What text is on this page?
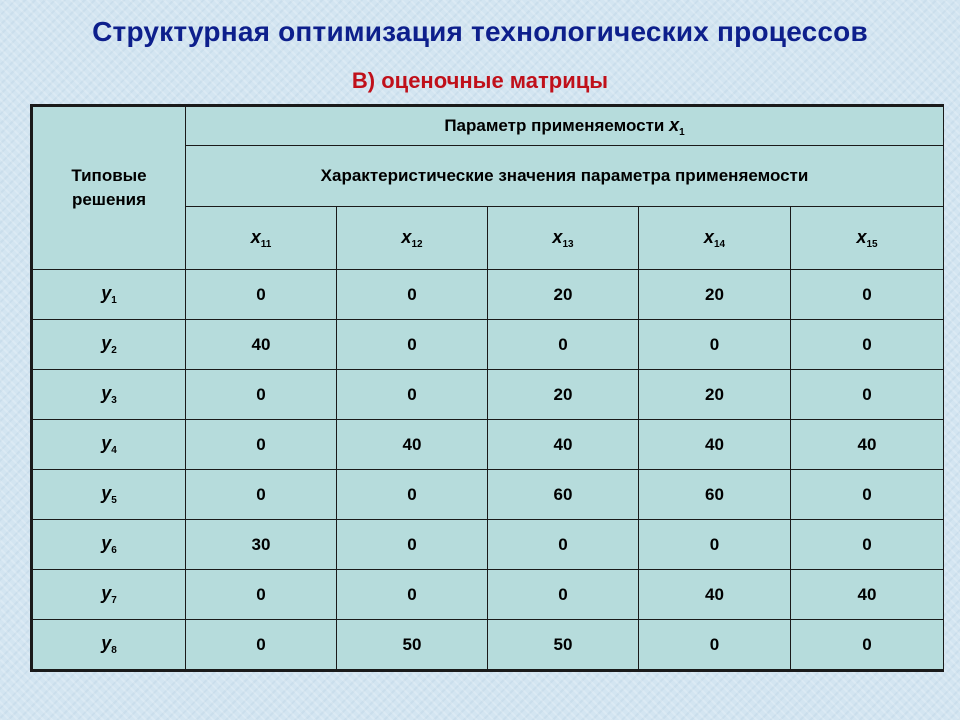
Структурная оптимизация технологических процессов
В) оценочные матрицы
Типовые
решения	Параметр применяемости $x_1$
	Характеристические значения параметра применяемости				
	$x_{11}$	$x_{12}$	$x_{13}$	$x_{14}$	$x_{15}$
$y_1$	0	0	20	20	0
$y_2$	40	0	0	0	0
$y_3$	0	0	20	20	0
$y_4$	0	40	40	40	40
$y_5$	0	0	60	60	0
$y_6$	30	0	0	0	0
$y_7$	0	0	0	40	40
$y_8$	0	50	50	0	0
